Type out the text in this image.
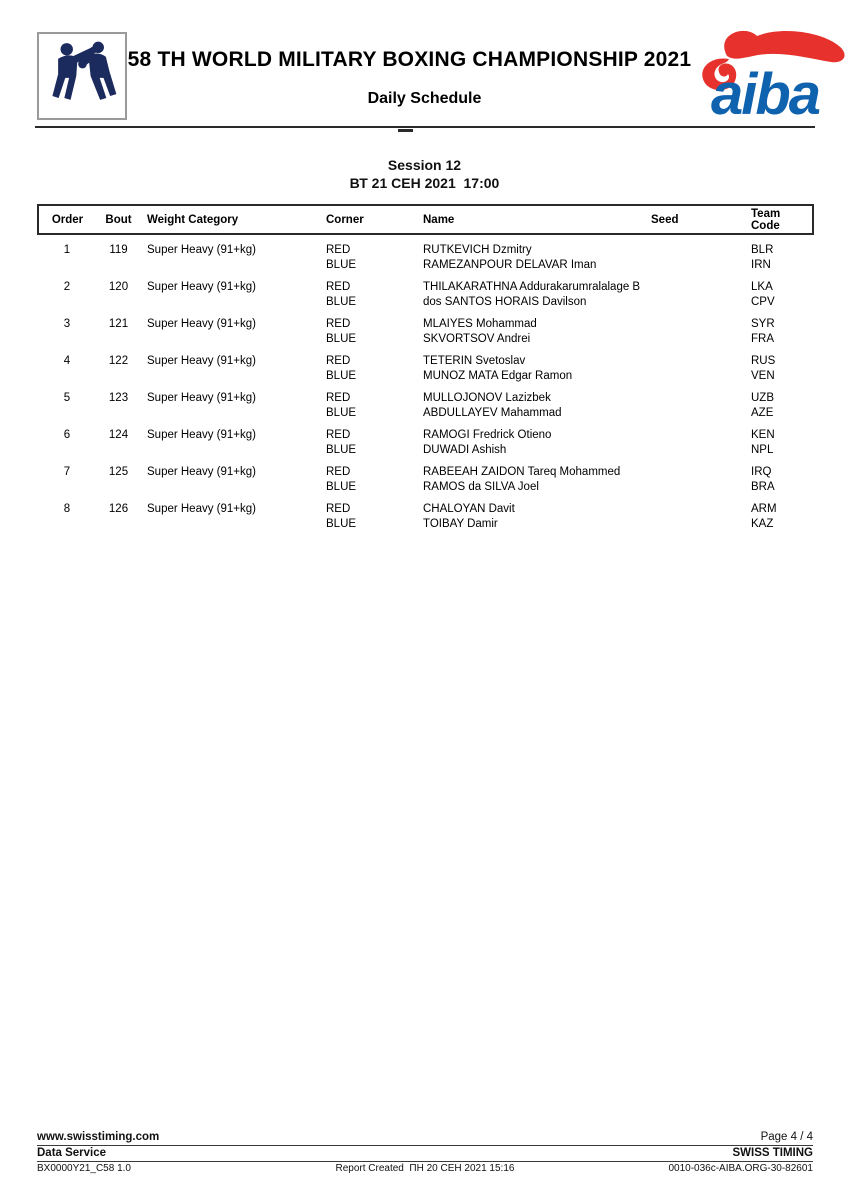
58 TH WORLD MILITARY BOXING CHAMPIONSHIP 2021
Daily Schedule	aiba
Session 12
ВТ 21 СЕН 2021  17:00
Order	Bout	Weight Category	Corner	Name	Seed	Team
Code
1	119	Super Heavy (91+kg)	RED	RUTKEVICH Dzmitry		BLR
			BLUE	RAMEZANPOUR DELAVAR Iman		IRN
2	120	Super Heavy (91+kg)	RED	THILAKARATHNA Addurakarumralalage B		LKA
			BLUE	dos SANTOS HORAIS Davilson		CPV
3	121	Super Heavy (91+kg)	RED	MLAIYES Mohammad		SYR
			BLUE	SKVORTSOV Andrei		FRA
4	122	Super Heavy (91+kg)	RED	TETERIN Svetoslav		RUS
			BLUE	MUNOZ MATA Edgar Ramon		VEN
5	123	Super Heavy (91+kg)	RED	MULLOJONOV Lazizbek		UZB
			BLUE	ABDULLAYEV Mahammad		AZE
6	124	Super Heavy (91+kg)	RED	RAMOGI Fredrick Otieno		KEN
			BLUE	DUWADI Ashish		NPL
7	125	Super Heavy (91+kg)	RED	RABEEAH ZAIDON Tareq Mohammed		IRQ
			BLUE	RAMOS da SILVA Joel		BRA
8	126	Super Heavy (91+kg)	RED	CHALOYAN Davit		ARM
			BLUE	TOIBAY Damir		KAZ
www.swisstiming.com	Page 4 / 4
Data Service	SWISS TIMING
BX0000Y21_C58 1.0	Report Created  ПН 20 СЕН 2021 15:16	0010-036c-AIBA.ORG-30-82601
